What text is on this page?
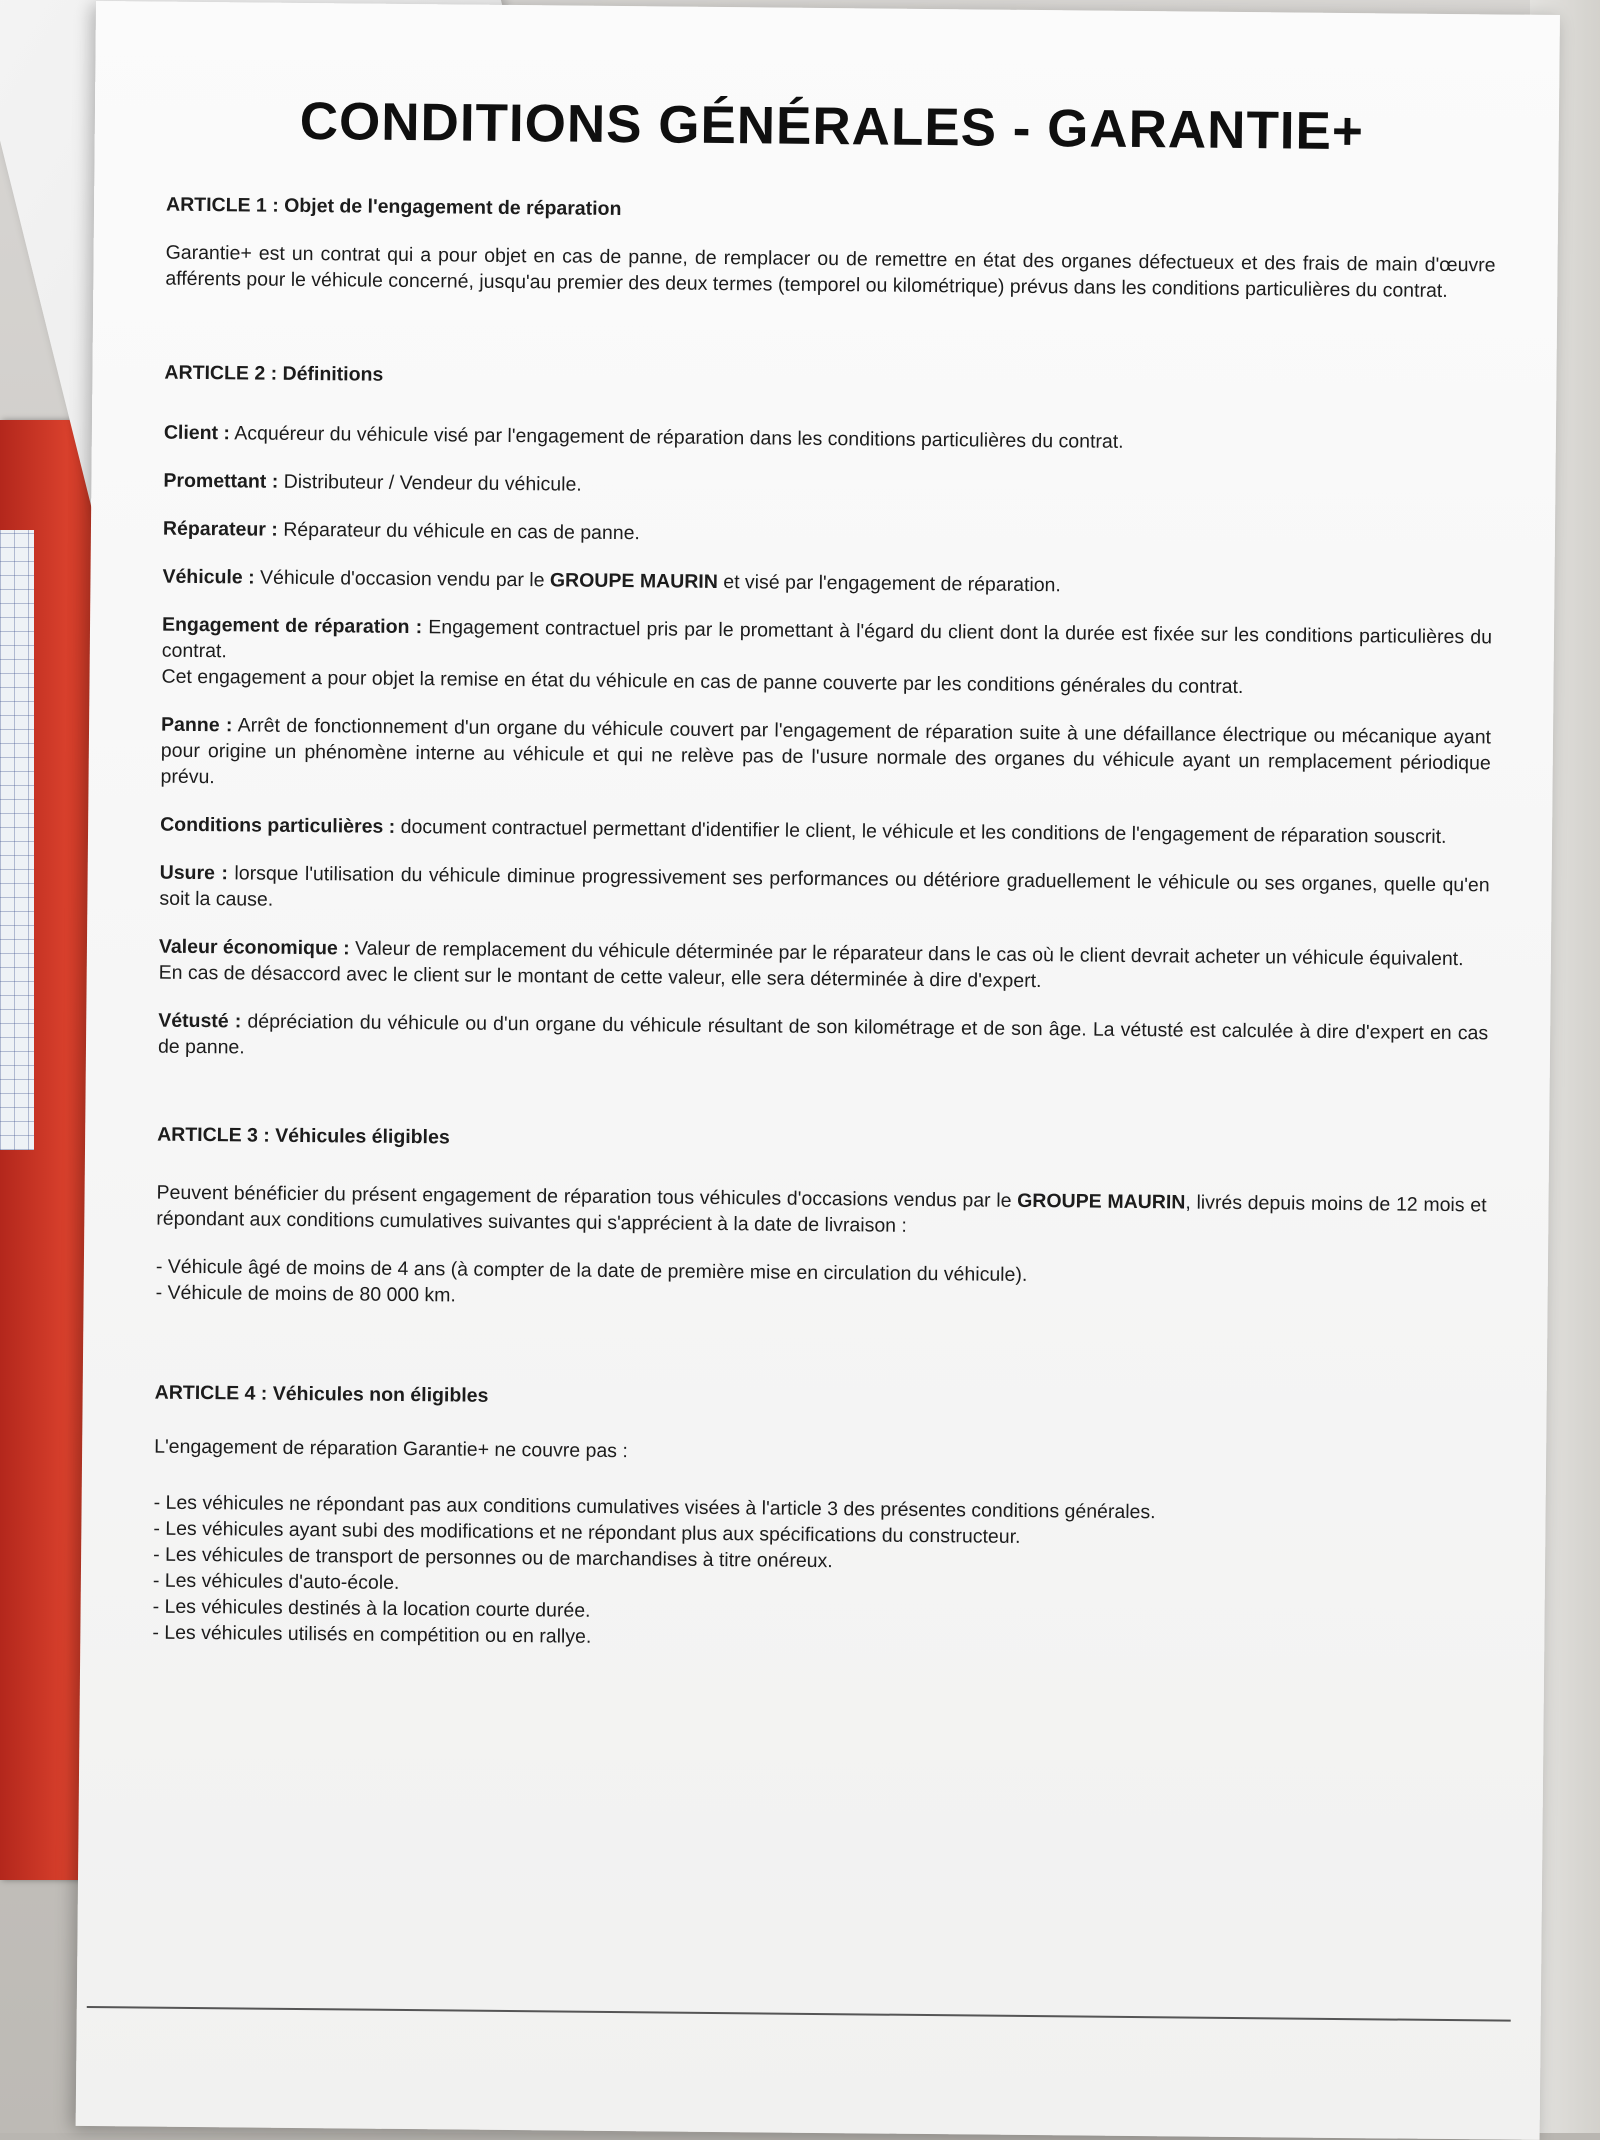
CONDITIONS GÉNÉRALES - GARANTIE+
ARTICLE 1 : Objet de l'engagement de réparation
Garantie+ est un contrat qui a pour objet en cas de panne, de remplacer ou de remettre en état des organes défectueux et des frais de main d'œuvre afférents pour le véhicule concerné, jusqu'au premier des deux termes (temporel ou kilométrique) prévus dans les conditions particulières du contrat.
ARTICLE 2 : Définitions
Client : Acquéreur du véhicule visé par l'engagement de réparation dans les conditions particulières du contrat.
Promettant : Distributeur / Vendeur du véhicule.
Réparateur : Réparateur du véhicule en cas de panne.
Véhicule : Véhicule d'occasion vendu par le GROUPE MAURIN et visé par l'engagement de réparation.
Engagement de réparation : Engagement contractuel pris par le promettant à l'égard du client dont la durée est fixée sur les conditions particulières du contrat.
Cet engagement a pour objet la remise en état du véhicule en cas de panne couverte par les conditions générales du contrat.
Panne : Arrêt de fonctionnement d'un organe du véhicule couvert par l'engagement de réparation suite à une défaillance électrique ou mécanique ayant pour origine un phénomène interne au véhicule et qui ne relève pas de l'usure normale des organes du véhicule ayant un remplacement périodique prévu.
Conditions particulières : document contractuel permettant d'identifier le client, le véhicule et les conditions de l'engagement de réparation souscrit.
Usure : lorsque l'utilisation du véhicule diminue progressivement ses performances ou détériore graduellement le véhicule ou ses organes, quelle qu'en soit la cause.
Valeur économique : Valeur de remplacement du véhicule déterminée par le réparateur dans le cas où le client devrait acheter un véhicule équivalent.
En cas de désaccord avec le client sur le montant de cette valeur, elle sera déterminée à dire d'expert.
Vétusté : dépréciation du véhicule ou d'un organe du véhicule résultant de son kilométrage et de son âge. La vétusté est calculée à dire d'expert en cas de panne.
ARTICLE 3 : Véhicules éligibles
Peuvent bénéficier du présent engagement de réparation tous véhicules d'occasions vendus par le GROUPE MAURIN, livrés depuis moins de 12 mois et répondant aux conditions cumulatives suivantes qui s'apprécient à la date de livraison :
- Véhicule âgé de moins de 4 ans (à compter de la date de première mise en circulation du véhicule).
- Véhicule de moins de 80 000 km.
ARTICLE 4 : Véhicules non éligibles
L'engagement de réparation Garantie+ ne couvre pas :
- Les véhicules ne répondant pas aux conditions cumulatives visées à l'article 3 des présentes conditions générales.
- Les véhicules ayant subi des modifications et ne répondant plus aux spécifications du constructeur.
- Les véhicules de transport de personnes ou de marchandises à titre onéreux.
- Les véhicules d'auto-école.
- Les véhicules destinés à la location courte durée.
- Les véhicules utilisés en compétition ou en rallye.
